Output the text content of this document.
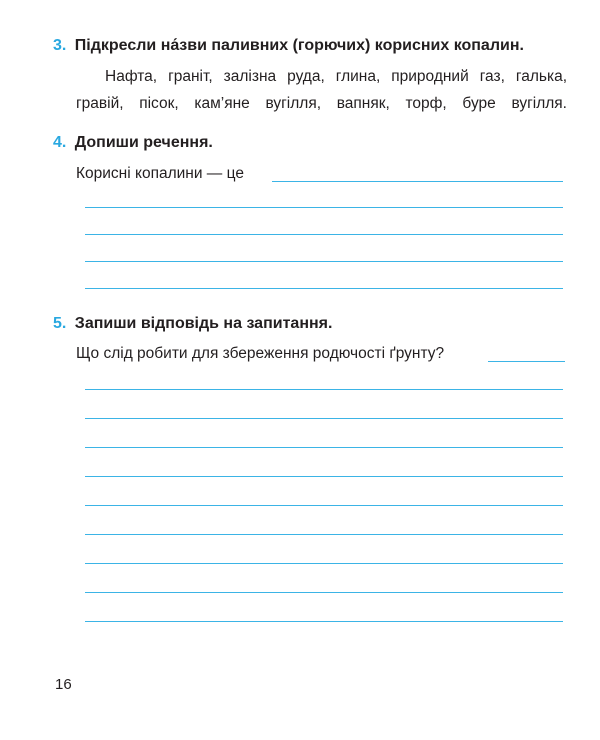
3. Підкресли на́зви паливних (горючих) корисних копалин.
Нафта, граніт, залізна руда, глина, природний газ, галька,
гравій, пісок, кам’яне вугілля, вапняк, торф, буре вугілля.
4. Допиши речення.
Корисні копалини — це
5. Запиши відповідь на запитання.
Що слід робити для збереження родючості ґрунту?
16
